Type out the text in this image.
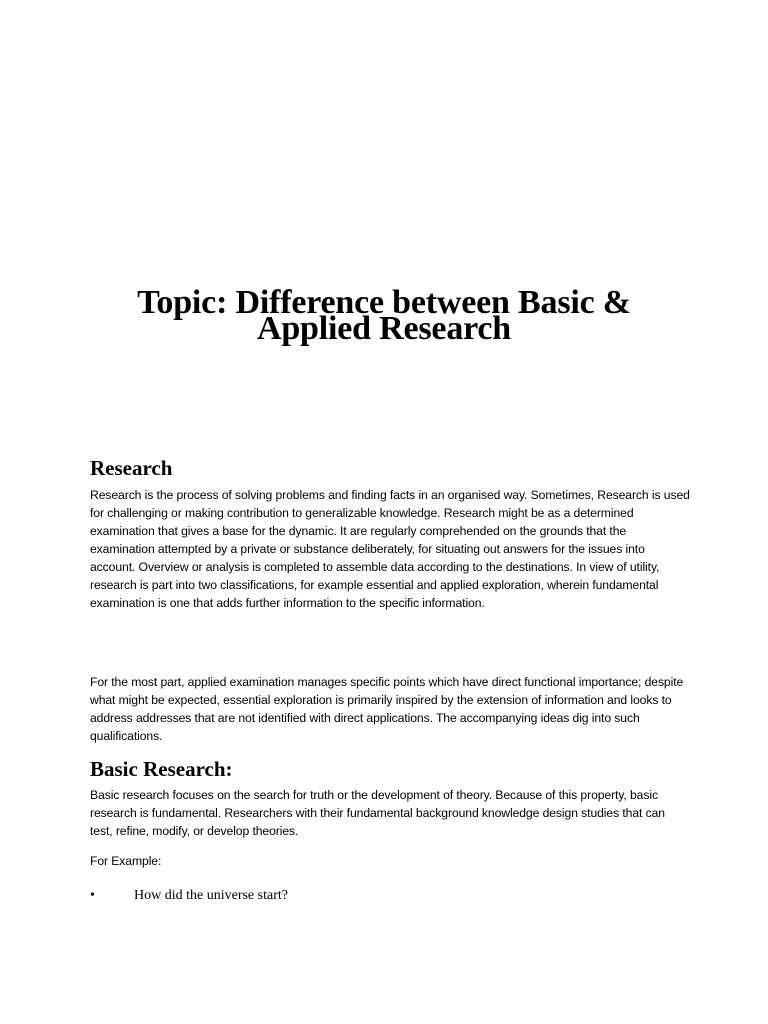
Topic: Difference between Basic &
Applied Research
Research

Research is the process of solving problems and finding facts in an organised way. Sometimes, Research is used for challenging or making contribution to generalizable knowledge. Research might be as a determined examination that gives a base for the dynamic. It are regularly comprehended on the grounds that the examination attempted by a private or substance deliberately, for situating out answers for the issues into account. Overview or analysis is completed to assemble data according to the destinations. In view of utility, research is part into two classifications, for example essential and applied exploration, wherein fundamental examination is one that adds further information to the specific information.

For the most part, applied examination manages specific points which have direct functional importance; despite what might be expected, essential exploration is primarily inspired by the extension of information and looks to address addresses that are not identified with direct applications. The accompanying ideas dig into such qualifications.

Basic Research:

Basic research focuses on the search for truth or the development of theory. Because of this property, basic research is fundamental. Researchers with their fundamental background knowledge design studies that can test, refine, modify, or develop theories.

For Example:

•	How did the universe start?
